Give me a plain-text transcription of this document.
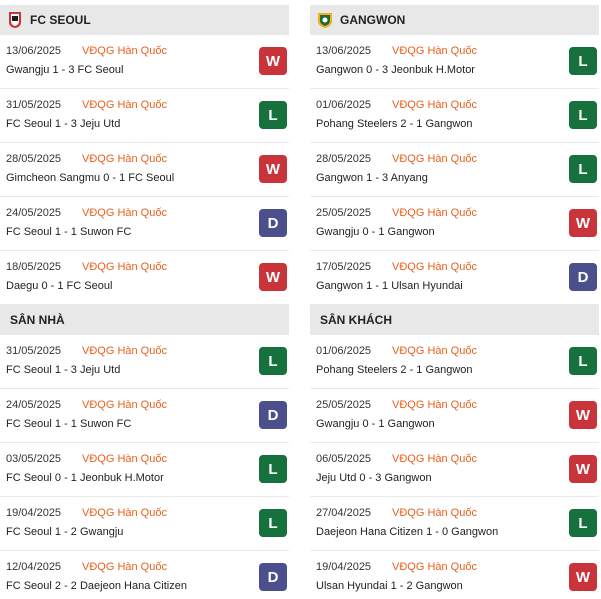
FC SEOUL
13/06/2025 VĐQG Hàn Quốc
Gwangju 1 - 3 FC Seoul
W
31/05/2025 VĐQG Hàn Quốc
FC Seoul 1 - 3 Jeju Utd
L
28/05/2025 VĐQG Hàn Quốc
Gimcheon Sangmu 0 - 1 FC Seoul
W
24/05/2025 VĐQG Hàn Quốc
FC Seoul 1 - 1 Suwon FC
D
18/05/2025 VĐQG Hàn Quốc
Daegu 0 - 1 FC Seoul
W
SÂN NHÀ
31/05/2025 VĐQG Hàn Quốc
FC Seoul 1 - 3 Jeju Utd
L
24/05/2025 VĐQG Hàn Quốc
FC Seoul 1 - 1 Suwon FC
D
03/05/2025 VĐQG Hàn Quốc
FC Seoul 0 - 1 Jeonbuk H.Motor
L
19/04/2025 VĐQG Hàn Quốc
FC Seoul 1 - 2 Gwangju
L
12/04/2025 VĐQG Hàn Quốc
FC Seoul 2 - 2 Daejeon Hana Citizen
D
GANGWON
13/06/2025 VĐQG Hàn Quốc
Gangwon 0 - 3 Jeonbuk H.Motor
L
01/06/2025 VĐQG Hàn Quốc
Pohang Steelers 2 - 1 Gangwon
L
28/05/2025 VĐQG Hàn Quốc
Gangwon 1 - 3 Anyang
L
25/05/2025 VĐQG Hàn Quốc
Gwangju 0 - 1 Gangwon
W
17/05/2025 VĐQG Hàn Quốc
Gangwon 1 - 1 Ulsan Hyundai
D
SÂN KHÁCH
01/06/2025 VĐQG Hàn Quốc
Pohang Steelers 2 - 1 Gangwon
L
25/05/2025 VĐQG Hàn Quốc
Gwangju 0 - 1 Gangwon
W
06/05/2025 VĐQG Hàn Quốc
Jeju Utd 0 - 3 Gangwon
W
27/04/2025 VĐQG Hàn Quốc
Daejeon Hana Citizen 1 - 0 Gangwon
L
19/04/2025 VĐQG Hàn Quốc
Ulsan Hyundai 1 - 2 Gangwon
W
